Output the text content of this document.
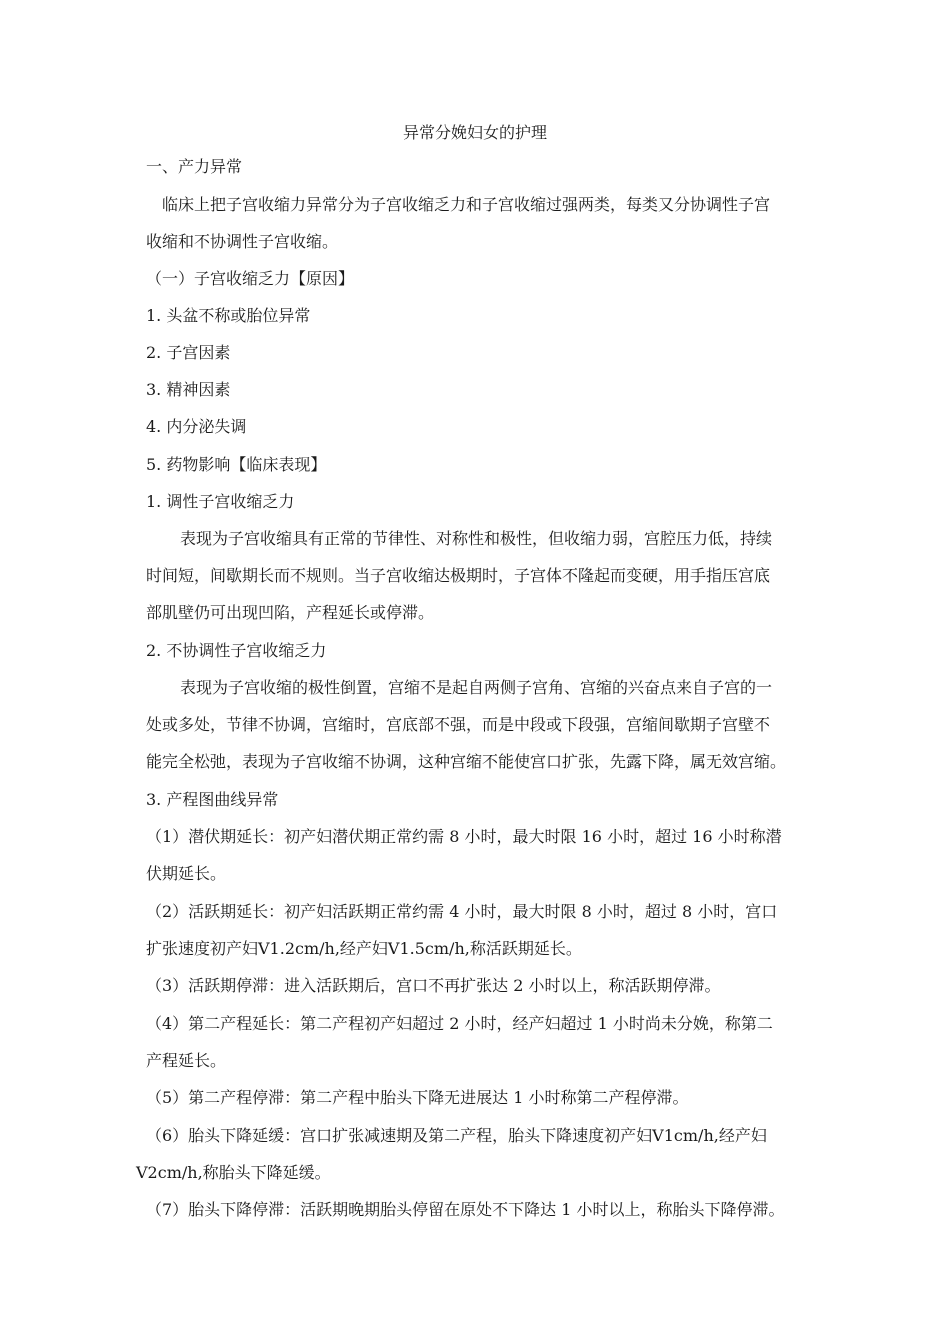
异常分娩妇女的护理

一、产力异常

临床上把子宫收缩力异常分为子宫收缩乏力和子宫收缩过强两类，每类又分协调性子宫

收缩和不协调性子宫收缩。

（一）子宫收缩乏力【原因】

1. 头盆不称或胎位异常

2. 子宫因素

3. 精神因素

4. 内分泌失调

5. 药物影响【临床表现】

1. 调性子宫收缩乏力

表现为子宫收缩具有正常的节律性、对称性和极性，但收缩力弱，宫腔压力低，持续

时间短，间歇期长而不规则。当子宫收缩达极期时，子宫体不隆起而变硬，用手指压宫底

部肌壁仍可出现凹陷，产程延长或停滞。

2. 不协调性子宫收缩乏力

表现为子宫收缩的极性倒置，宫缩不是起自两侧子宫角、宫缩的兴奋点来自子宫的一

处或多处，节律不协调，宫缩时，宫底部不强，而是中段或下段强，宫缩间歇期子宫壁不

能完全松弛，表现为子宫收缩不协调，这种宫缩不能使宫口扩张，先露下降，属无效宫缩。

3. 产程图曲线异常

（1）潜伏期延长：初产妇潜伏期正常约需 8 小时，最大时限 16 小时，超过 16 小时称潜

伏期延长。

（2）活跃期延长：初产妇活跃期正常约需 4 小时，最大时限 8 小时，超过 8 小时，宫口

扩张速度初产妇V1.2cm/h,经产妇V1.5cm/h,称活跃期延长。

（3）活跃期停滞：进入活跃期后，宫口不再扩张达 2 小时以上，称活跃期停滞。

（4）第二产程延长：第二产程初产妇超过 2 小时，经产妇超过 1 小时尚未分娩，称第二

产程延长。

（5）第二产程停滞：第二产程中胎头下降无进展达 1 小时称第二产程停滞。

（6）胎头下降延缓：宫口扩张减速期及第二产程，胎头下降速度初产妇V1cm/h,经产妇

V2cm/h,称胎头下降延缓。

（7）胎头下降停滞：活跃期晚期胎头停留在原处不下降达 1 小时以上，称胎头下降停滞。
